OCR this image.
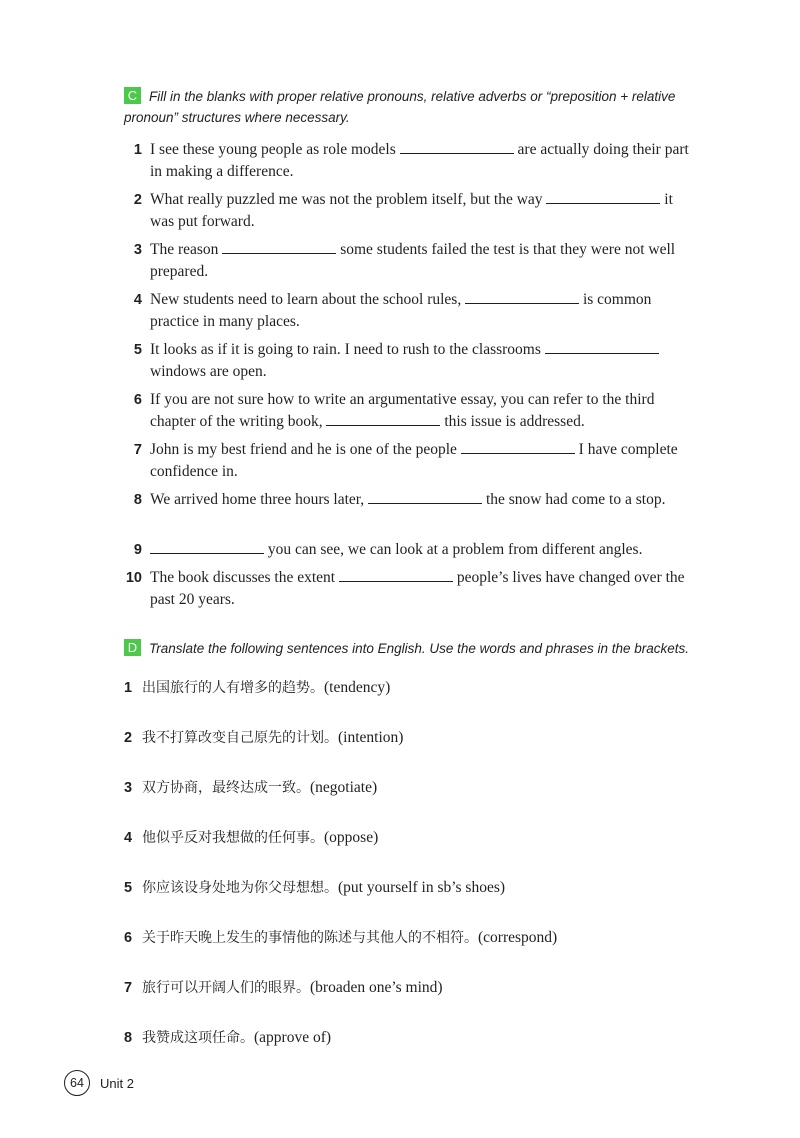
C Fill in the blanks with proper relative pronouns, relative adverbs or “preposition + relative pronoun” structures where necessary.
1 I see these young people as role models	are actually doing their part in making a difference.
2 What really puzzled me was not the problem itself, but the way	it was put forward.
3 The reason	some students failed the test is that they were not well prepared.
4 New students need to learn about the school rules,	is common practice in many places.
5 It looks as if it is going to rain. I need to rush to the classrooms  windows are open.
6 If you are not sure how to write an argumentative essay, you can refer to the third chapter of the writing book,	this issue is addressed.
7 John is my best friend and he is one of the people	I have complete confidence in.
8 We arrived home three hours later,	the snow had come to a stop.
9	you can see, we can look at a problem from different angles.
10 The book discusses the extent	people’s lives have changed over the past 20 years.
D Translate the following sentences into English. Use the words and phrases in the brackets.
1 出国旅行的人有增多的趋势。(tendency)
2 我不打算改变自己原先的计划。(intention)
3 双方协商，最终达成一致。(negotiate)
4 他似乎反对我想做的任何事。(oppose)
5 你应该设身处地为你父母想想。(put yourself in sb’s shoes)
6 关于昨天晚上发生的事情他的陈述与其他人的不相符。(correspond)
7 旅行可以开阔人们的眼界。(broaden one’s mind)
8 我赞成这项任命。(approve of)
64 Unit 2
